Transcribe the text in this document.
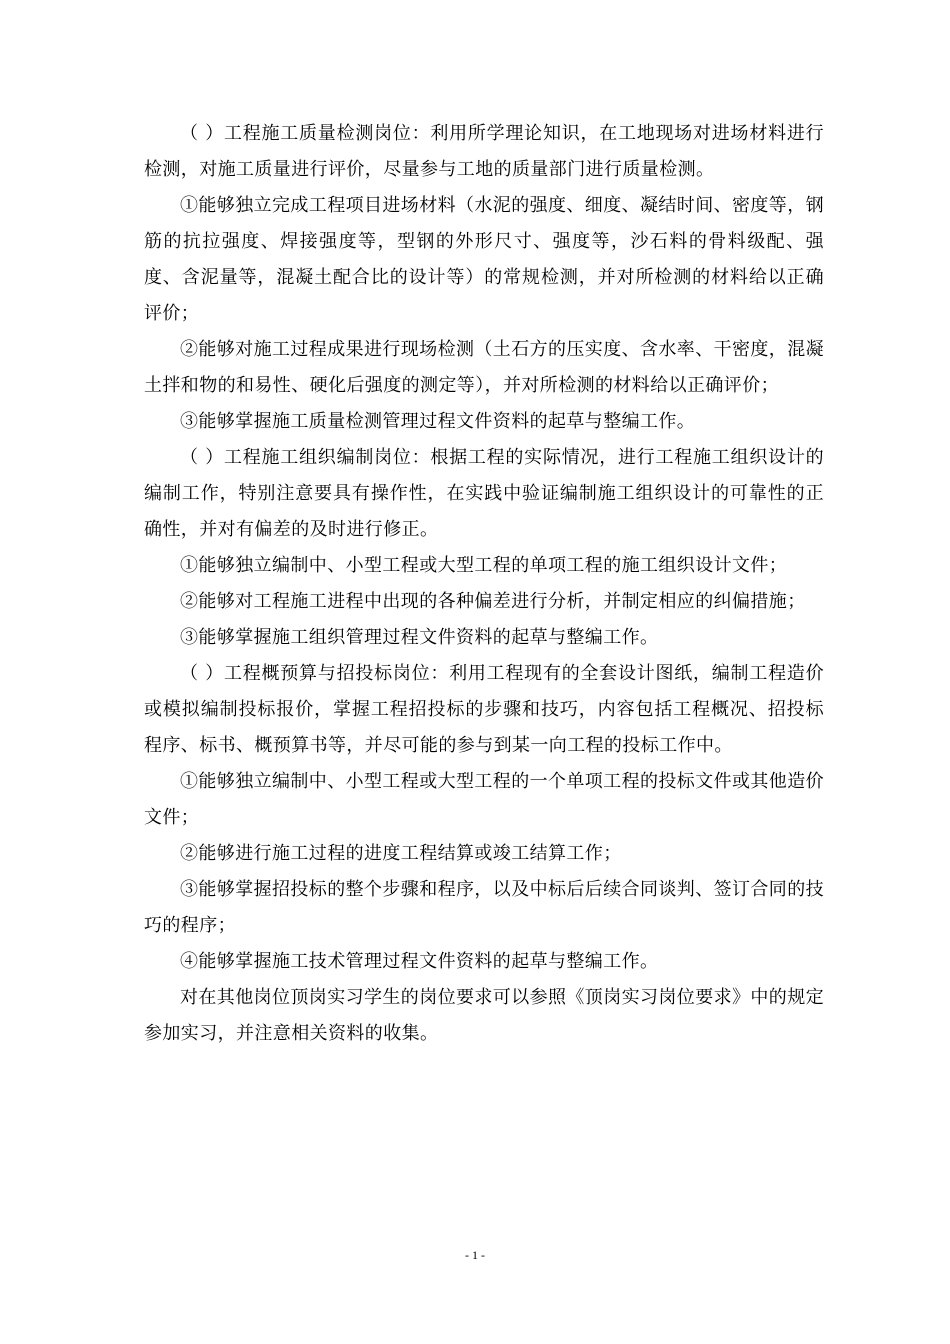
（ ）工程施工质量检测岗位：利用所学理论知识，在工地现场对进场材料进行检测，对施工质量进行评价，尽量参与工地的质量部门进行质量检测。

①能够独立完成工程项目进场材料（水泥的强度、细度、凝结时间、密度等，钢筋的抗拉强度、焊接强度等，型钢的外形尺寸、强度等，沙石料的骨料级配、强度、含泥量等，混凝土配合比的设计等）的常规检测，并对所检测的材料给以正确评价；

②能够对施工过程成果进行现场检测（土石方的压实度、含水率、干密度，混凝土拌和物的和易性、硬化后强度的测定等），并对所检测的材料给以正确评价；

③能够掌握施工质量检测管理过程文件资料的起草与整编工作。

（ ）工程施工组织编制岗位：根据工程的实际情况，进行工程施工组织设计的编制工作，特别注意要具有操作性，在实践中验证编制施工组织设计的可靠性的正确性，并对有偏差的及时进行修正。

①能够独立编制中、小型工程或大型工程的单项工程的施工组织设计文件；

②能够对工程施工进程中出现的各种偏差进行分析，并制定相应的纠偏措施；

③能够掌握施工组织管理过程文件资料的起草与整编工作。

（ ）工程概预算与招投标岗位：利用工程现有的全套设计图纸，编制工程造价或模拟编制投标报价，掌握工程招投标的步骤和技巧，内容包括工程概况、招投标程序、标书、概预算书等，并尽可能的参与到某一向工程的投标工作中。

①能够独立编制中、小型工程或大型工程的一个单项工程的投标文件或其他造价文件；

②能够进行施工过程的进度工程结算或竣工结算工作；

③能够掌握招投标的整个步骤和程序，以及中标后后续合同谈判、签订合同的技巧的程序；

④能够掌握施工技术管理过程文件资料的起草与整编工作。

对在其他岗位顶岗实习学生的岗位要求可以参照《顶岗实习岗位要求》中的规定参加实习，并注意相关资料的收集。

- 1 -
